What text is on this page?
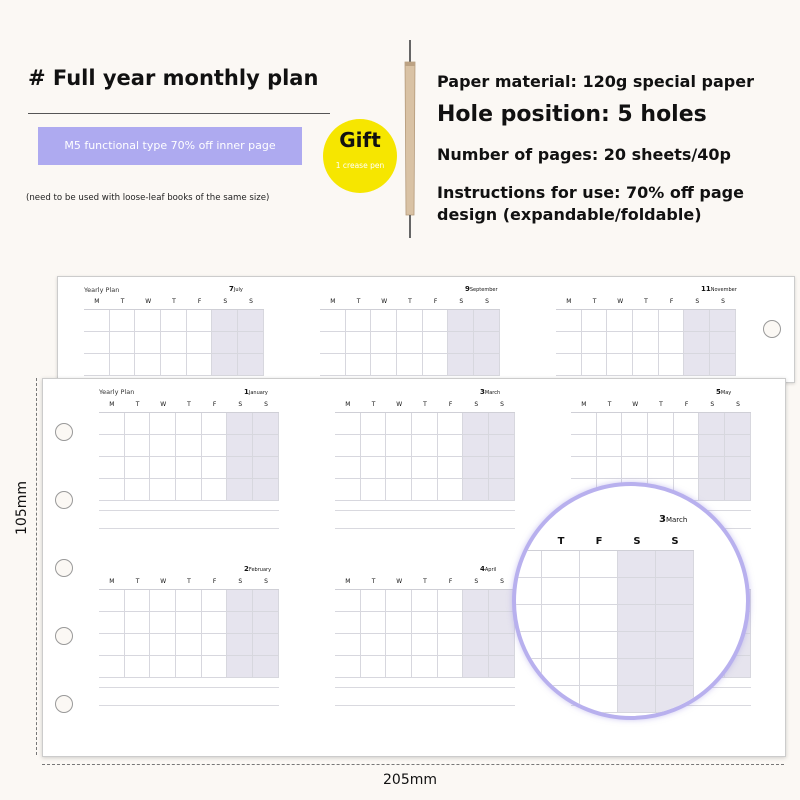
# Full year monthly plan
M5 functional type 70% off inner page
(need to be used with loose-leaf books of the same size)
Gift
1 crease pen
Paper material: 120g special paper
Hole position: 5 holes
Number of pages: 20 sheets/40p
Instructions for use: 70% off page
design (expandable/foldable)
Yearly Plan	7July
M	T	W	T	F	S	S
9September
M	T	W	T	F	S	S
11November
M	T	W	T	F	S	S
Yearly Plan	1January
M	T	W	T	F	S	S
3March
M	T	W	T	F	S	S
5May
M	T	W	T	F	S	S
2February
M	T	W	T	F	S	S
4April
M	T	W	T	F	S	S
3March
T	F	S	S
105mm
205mm
